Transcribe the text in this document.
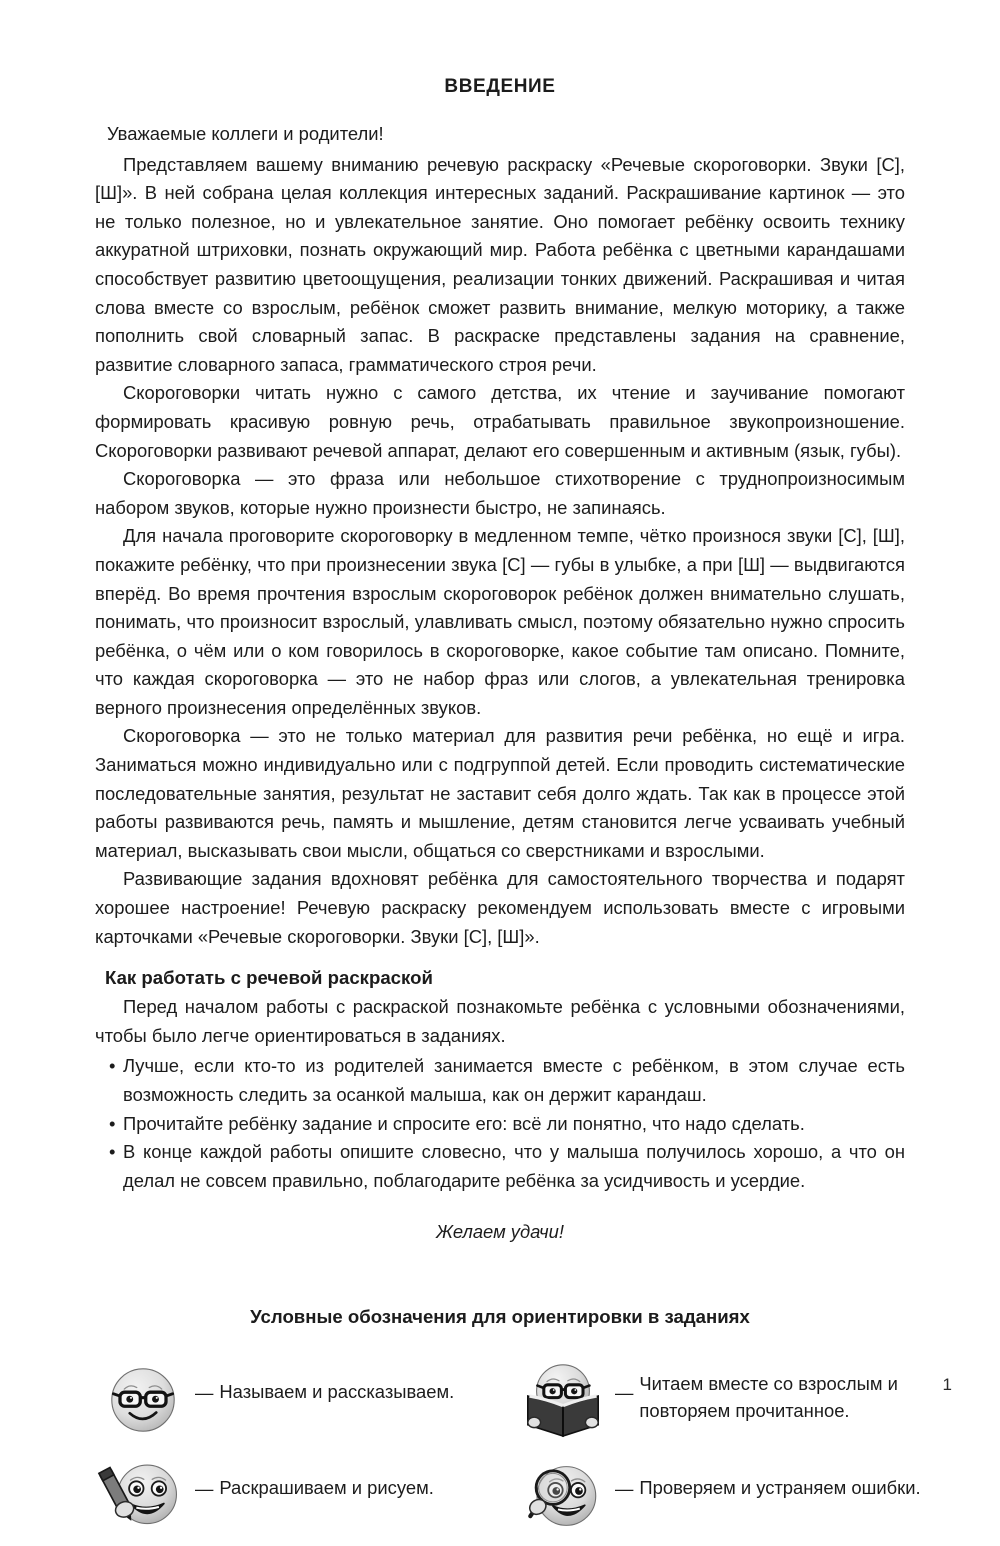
ВВЕДЕНИЕ

Уважаемые коллеги и родители!

Представляем вашему вниманию речевую раскраску «Речевые скороговорки. Звуки [С], [Ш]». В ней собрана целая коллекция интересных заданий. Раскрашивание картинок — это не только полезное, но и увлекательное занятие. Оно помогает ребёнку освоить технику аккуратной штриховки, познать окружающий мир. Работа ребёнка с цветными карандашами способствует развитию цветоощущения, реализации тонких движений. Раскрашивая и читая слова вместе со взрослым, ребёнок сможет развить внимание, мелкую моторику, а также пополнить свой словарный запас. В раскраске представлены задания на сравнение, развитие словарного запаса, грамматического строя речи.

Скороговорки читать нужно с самого детства, их чтение и заучивание помогают формировать красивую ровную речь, отрабатывать правильное звукопроизношение. Скороговорки развивают речевой аппарат, делают его совершенным и активным (язык, губы).

Скороговорка — это фраза или небольшое стихотворение с труднопроизносимым набором звуков, которые нужно произнести быстро, не запинаясь.

Для начала проговорите скороговорку в медленном темпе, чётко произнося звуки [С], [Ш], покажите ребёнку, что при произнесении звука [С] — губы в улыбке, а при [Ш] — выдвигаются вперёд. Во время прочтения взрослым скороговорок ребёнок должен внимательно слушать, понимать, что произносит взрослый, улавливать смысл, поэтому обязательно нужно спросить ребёнка, о чём или о ком говорилось в скороговорке, какое событие там описано. Помните, что каждая скороговорка — это не набор фраз или слогов, а увлекательная тренировка верного произнесения определённых звуков.

Скороговорка — это не только материал для развития речи ребёнка, но ещё и игра. Заниматься можно индивидуально или с подгруппой детей. Если проводить систематические последовательные занятия, результат не заставит себя долго ждать. Так как в процессе этой работы развиваются речь, память и мышление, детям становится легче усваивать учебный материал, высказывать свои мысли, общаться со сверстниками и взрослыми.

Развивающие задания вдохновят ребёнка для самостоятельного творчества и подарят хорошее настроение! Речевую раскраску рекомендуем использовать вместе с игровыми карточками «Речевые скороговорки. Звуки [С], [Ш]».

Как работать с речевой раскраской

Перед началом работы с раскраской познакомьте ребёнка с условными обозначениями, чтобы было легче ориентироваться в заданиях.

• Лучше, если кто-то из родителей занимается вместе с ребёнком, в этом случае есть возможность следить за осанкой малыша, как он держит карандаш.
• Прочитайте ребёнку задание и спросите его: всё ли понятно, что надо сделать.
• В конце каждой работы опишите словесно, что у малыша получилось хорошо, а что он делал не совсем правильно, поблагодарите ребёнка за усидчивость и усердие.

Желаем удачи!

Условные обозначения для ориентировки в заданиях

— Называем и рассказываем.	— Читаем вместе со взрослым и повторяем прочитанное.
— Раскрашиваем и рисуем.	— Проверяем и устраняем ошибки.
1
